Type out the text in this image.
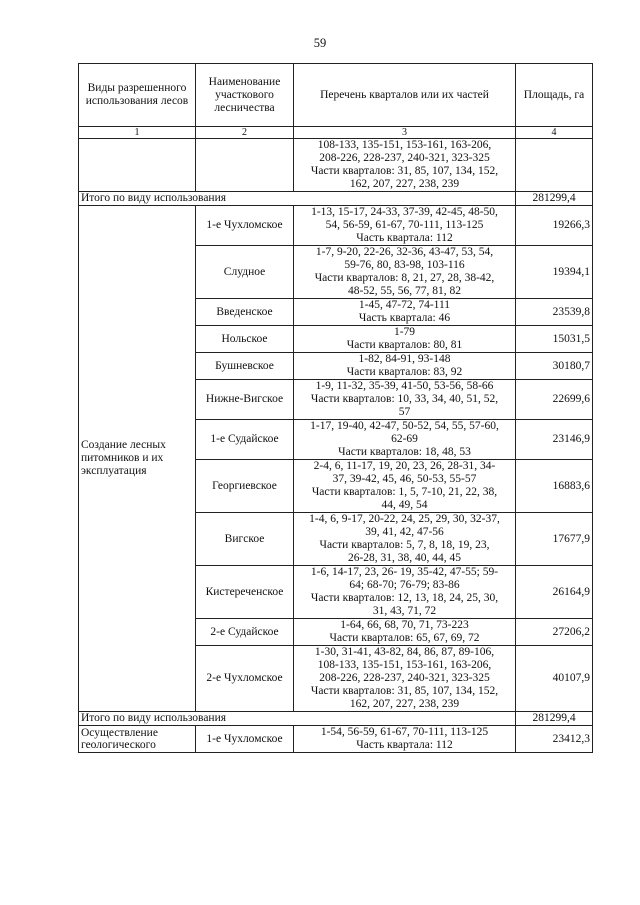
59
Виды разрешенного использования лесов	Наименование участкового лесничества	Перечень кварталов или их частей	Площадь, га
1	2	3	4

		108-133, 135-151, 153-161, 163-206,
208-226, 228-237, 240-321, 323-325
Части кварталов: 31, 85, 107, 134, 152,
162, 207, 227, 238, 239	

Итого по виду использования			281299,4
Создание лесных питомников и их эксплуатация	1-е Чухломское	1-13, 15-17, 24-33, 37-39, 42-45, 48-50,
54, 56-59, 61-67, 70-111, 113-125
Часть квартала: 112	19266,3
	Слудное	1-7, 9-20, 22-26, 32-36, 43-47, 53, 54,
59-76, 80, 83-98, 103-116
Части кварталов: 8, 21, 27, 28, 38-42,
48-52, 55, 56, 77, 81, 82	19394,1
	Введенское	1-45, 47-72, 74-111
Часть квартала: 46	23539,8
	Нольское	1-79
Части кварталов: 80, 81	15031,5
	Бушневское	1-82, 84-91, 93-148
Части кварталов: 83, 92	30180,7
	Нижне-Вигское	1-9, 11-32, 35-39, 41-50, 53-56, 58-66
Части кварталов: 10, 33, 34, 40, 51, 52,
57	22699,6
	1-е Судайское	1-17, 19-40, 42-47, 50-52, 54, 55, 57-60,
62-69
Части кварталов: 18, 48, 53	23146,9
	Георгиевское	2-4, 6, 11-17, 19, 20, 23, 26, 28-31, 34-
37, 39-42, 45, 46, 50-53, 55-57
Части кварталов: 1, 5, 7-10, 21, 22, 38,
44, 49, 54	16883,6
	Вигское	1-4, 6, 9-17, 20-22, 24, 25, 29, 30, 32-37,
39, 41, 42, 47-56
Части кварталов: 5, 7, 8, 18, 19, 23,
26-28, 31, 38, 40, 44, 45	17677,9
	Кистереченское	1-6, 14-17, 23, 26- 19, 35-42, 47-55; 59-
64; 68-70; 76-79; 83-86
Части кварталов: 12, 13, 18, 24, 25, 30,
31, 43, 71, 72	26164,9
	2-е Судайское	1-64, 66, 68, 70, 71, 73-223
Части кварталов: 65, 67, 69, 72	27206,2
	2-е Чухломское	1-30, 31-41, 43-82, 84, 86, 87, 89-106,
108-133, 135-151, 153-161, 163-206,
208-226, 228-237, 240-321, 323-325
Части кварталов: 31, 85, 107, 134, 152,
162, 207, 227, 238, 239	40107,9
Итого по виду использования			281299,4

Осуществление
геологического	1-е Чухломское	1-54, 56-59, 61-67, 70-111, 113-125
Часть квартала: 112	23412,3
